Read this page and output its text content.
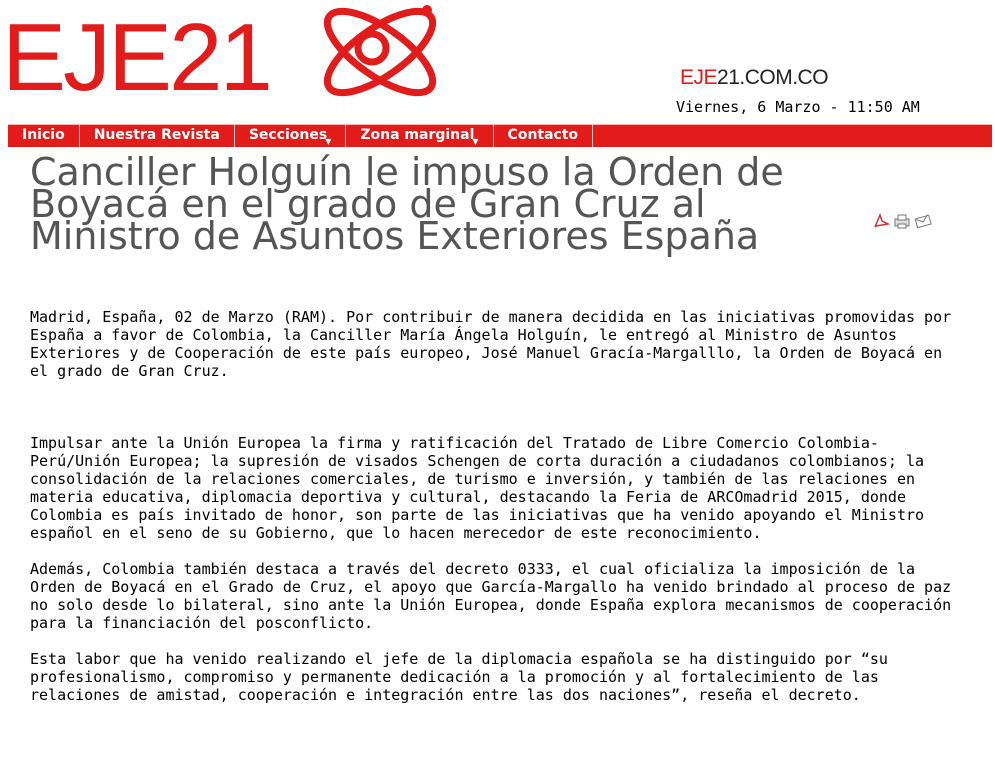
EJE21	EJE21.COM.CO
Viernes, 6 Marzo - 11:50 AM
Inicio	Nuestra Revista	Secciones$_▼$	Zona marginal$_▼$	Contacto
Canciller Holguín le impuso la Orden de Boyacá en el grado de Gran Cruz al Ministro de Asuntos Exteriores España

Madrid, España, 02 de Marzo (RAM). Por contribuir de manera decidida en las iniciativas promovidas por España a favor de Colombia, la Canciller María Ángela Holguín, le entregó al Ministro de Asuntos Exteriores y de Cooperación de este país europeo, José Manuel Gracía-Margalllo, la Orden de Boyacá en el grado de Gran Cruz.

Impulsar ante la Unión Europea la firma y ratificación del Tratado de Libre Comercio Colombia- Perú/Unión Europea; la supresión de visados Schengen de corta duración a ciudadanos colombianos; la consolidación de la relaciones comerciales, de turismo e inversión, y también de las relaciones en materia educativa, diplomacia deportiva y cultural, destacando la Feria de ARCOmadrid 2015, donde Colombia es país invitado de honor, son parte de las iniciativas que ha venido apoyando el Ministro español en el seno de su Gobierno, que lo hacen merecedor de este reconocimiento.

Además, Colombia también destaca a través del decreto 0333, el cual oficializa la imposición de la Orden de Boyacá en el Grado de Cruz, el apoyo que García-Margallo ha venido brindado al proceso de paz no solo desde lo bilateral, sino ante la Unión Europea, donde España explora mecanismos de cooperación para la financiación del posconflicto.

Esta labor que ha venido realizando el jefe de la diplomacia española se ha distinguido por “su profesionalismo, compromiso y permanente dedicación a la promoción y al fortalecimiento de las relaciones de amistad, cooperación e integración entre las dos naciones”, reseña el decreto.
